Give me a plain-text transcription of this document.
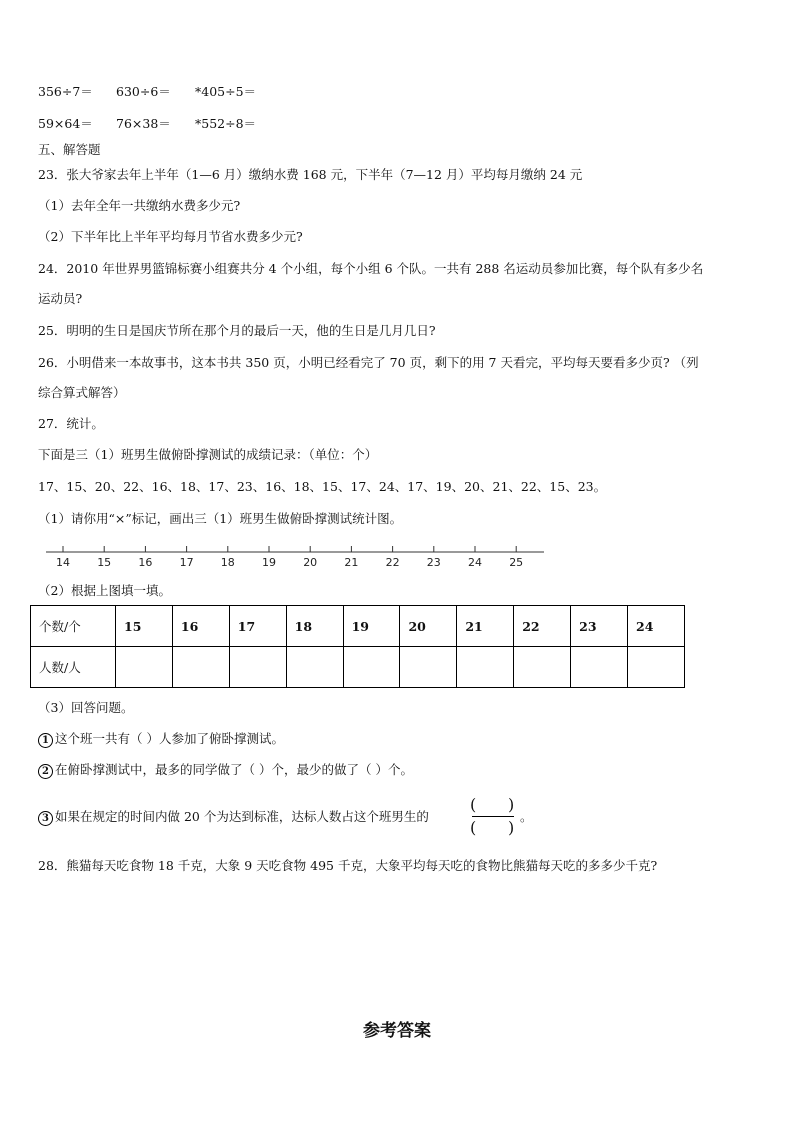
356÷7＝ 630÷6＝ *405÷5＝
59×64＝ 76×38＝ *552÷8＝
五、解答题
23．张大爷家去年上半年（1—6 月）缴纳水费 168 元，下半年（7—12 月）平均每月缴纳 24 元
（1）去年全年一共缴纳水费多少元?
（2）下半年比上半年平均每月节省水费多少元?
24．2010 年世界男篮锦标赛小组赛共分 4 个小组，每个小组 6 个队。一共有 288 名运动员参加比赛，每个队有多少名
运动员?
25．明明的生日是国庆节所在那个月的最后一天，他的生日是几月几日?
26．小明借来一本故事书，这本书共 350 页，小明已经看完了 70 页，剩下的用 7 天看完，平均每天要看多少页? （列
综合算式解答）
27．统计。
下面是三（1）班男生做俯卧撑测试的成绩记录：（单位：个）
17、15、20、22、16、18、17、23、16、18、15、17、24、17、19、20、21、22、15、23。
（1）请你用“×”标记，画出三（1）班男生做俯卧撑测试统计图。
14 15 16 17 18 19 20 21 22 23 24 25
（2）根据上图填一填。
个数/个	15	16	17	18	19	20	21	22	23	24
人数/人										
（3）回答问题。
1 这个班一共有（ ）人参加了俯卧撑测试。
2 在俯卧撑测试中，最多的同学做了（ ）个，最少的做了（ ）个。
3 如果在规定的时间内做 20 个为达到标准，达标人数占这个班男生的
( )
( )
。
28．熊猫每天吃食物 18 千克，大象 9 天吃食物 495 千克，大象平均每天吃的食物比熊猫每天吃的多多少千克?
参考答案
